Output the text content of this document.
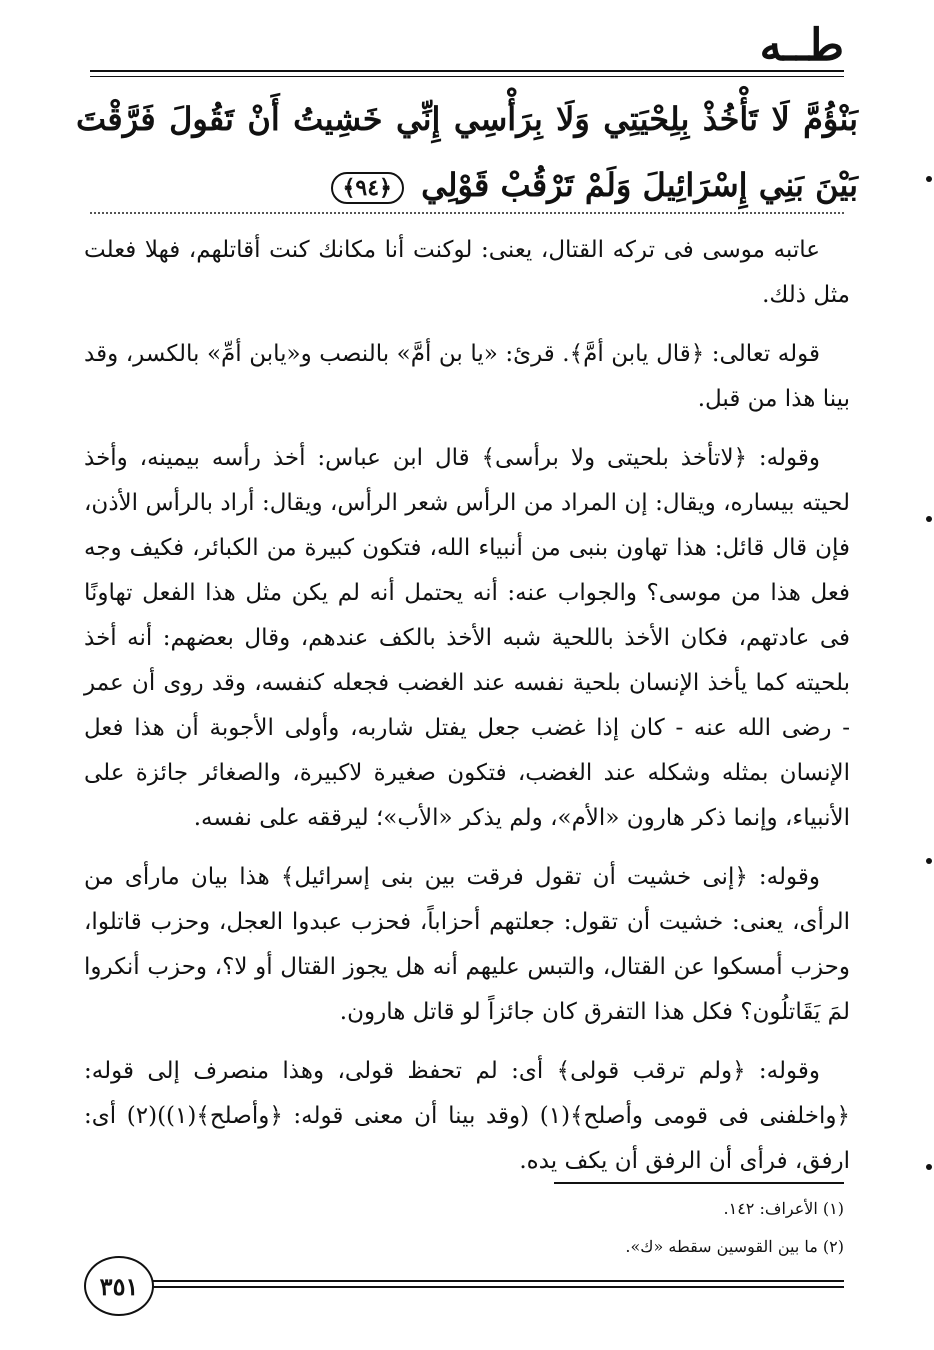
طــه
بَنْؤُمَّ لَا تَأْخُذْ بِلِحْيَتِي وَلَا بِرَأْسِي إِنِّي خَشِيتُ أَنْ تَقُولَ فَرَّقْتَ بَيْنَ بَنِي إِسْرَائِيلَ وَلَمْ تَرْقُبْ قَوْلِي ﴿٩٤﴾

عاتبه موسى فى تركه القتال، يعنى: لوكنت أنا مكانك كنت أقاتلهم، فهلا فعلت مثل ذلك.

قوله تعالى: ﴿قال يابن أمَّ﴾. قرئ: «يا بن أمَّ» بالنصب و«يابن أمِّ» بالكسر، وقد بينا هذا من قبل.

وقوله: ﴿لاتأخذ بلحيتى ولا برأسى﴾ قال ابن عباس: أخذ رأسه بيمينه، وأخذ لحيته بيساره، ويقال: إن المراد من الرأس شعر الرأس، ويقال: أراد بالرأس الأذن، فإن قال قائل: هذا تهاون بنبى من أنبياء الله، فتكون كبيرة من الكبائر، فكيف وجه فعل هذا من موسى؟ والجواب عنه: أنه يحتمل أنه لم يكن مثل هذا الفعل تهاونًا فى عادتهم، فكان الأخذ باللحية شبه الأخذ بالكف عندهم، وقال بعضهم: أنه أخذ بلحيته كما يأخذ الإنسان بلحية نفسه عند الغضب فجعله كنفسه، وقد روى أن عمر - رضى الله عنه - كان إذا غضب جعل يفتل شاربه، وأولى الأجوبة أن هذا فعل الإنسان بمثله وشكله عند الغضب، فتكون صغيرة لاكبيرة، والصغائر جائزة على الأنبياء، وإنما ذكر هارون «الأم»، ولم يذكر «الأب»؛ ليرققه على نفسه.

وقوله: ﴿إنى خشيت أن تقول فرقت بين بنى إسرائيل﴾ هذا بيان مارأى من الرأى، يعنى: خشيت أن تقول: جعلتهم أحزاباً، فحزب عبدوا العجل، وحزب قاتلوا، وحزب أمسكوا عن القتال، والتبس عليهم أنه هل يجوز القتال أو لا؟، وحزب أنكروا لمَ يَقَاتلُون؟ فكل هذا التفرق كان جائزاً لو قاتل هارون.

وقوله: ﴿ولم ترقب قولى﴾ أى: لم تحفظ قولى، وهذا منصرف إلى قوله: ﴿واخلفنى فى قومى وأصلح﴾(١) (وقد بينا أن معنى قوله: ﴿وأصلح﴾(١))(٢) أى: ارفق، فرأى أن الرفق أن يكف يده.

(١) الأعراف: ١٤٢.
(٢) ما بين القوسين سقطه «ك».
٣٥١
